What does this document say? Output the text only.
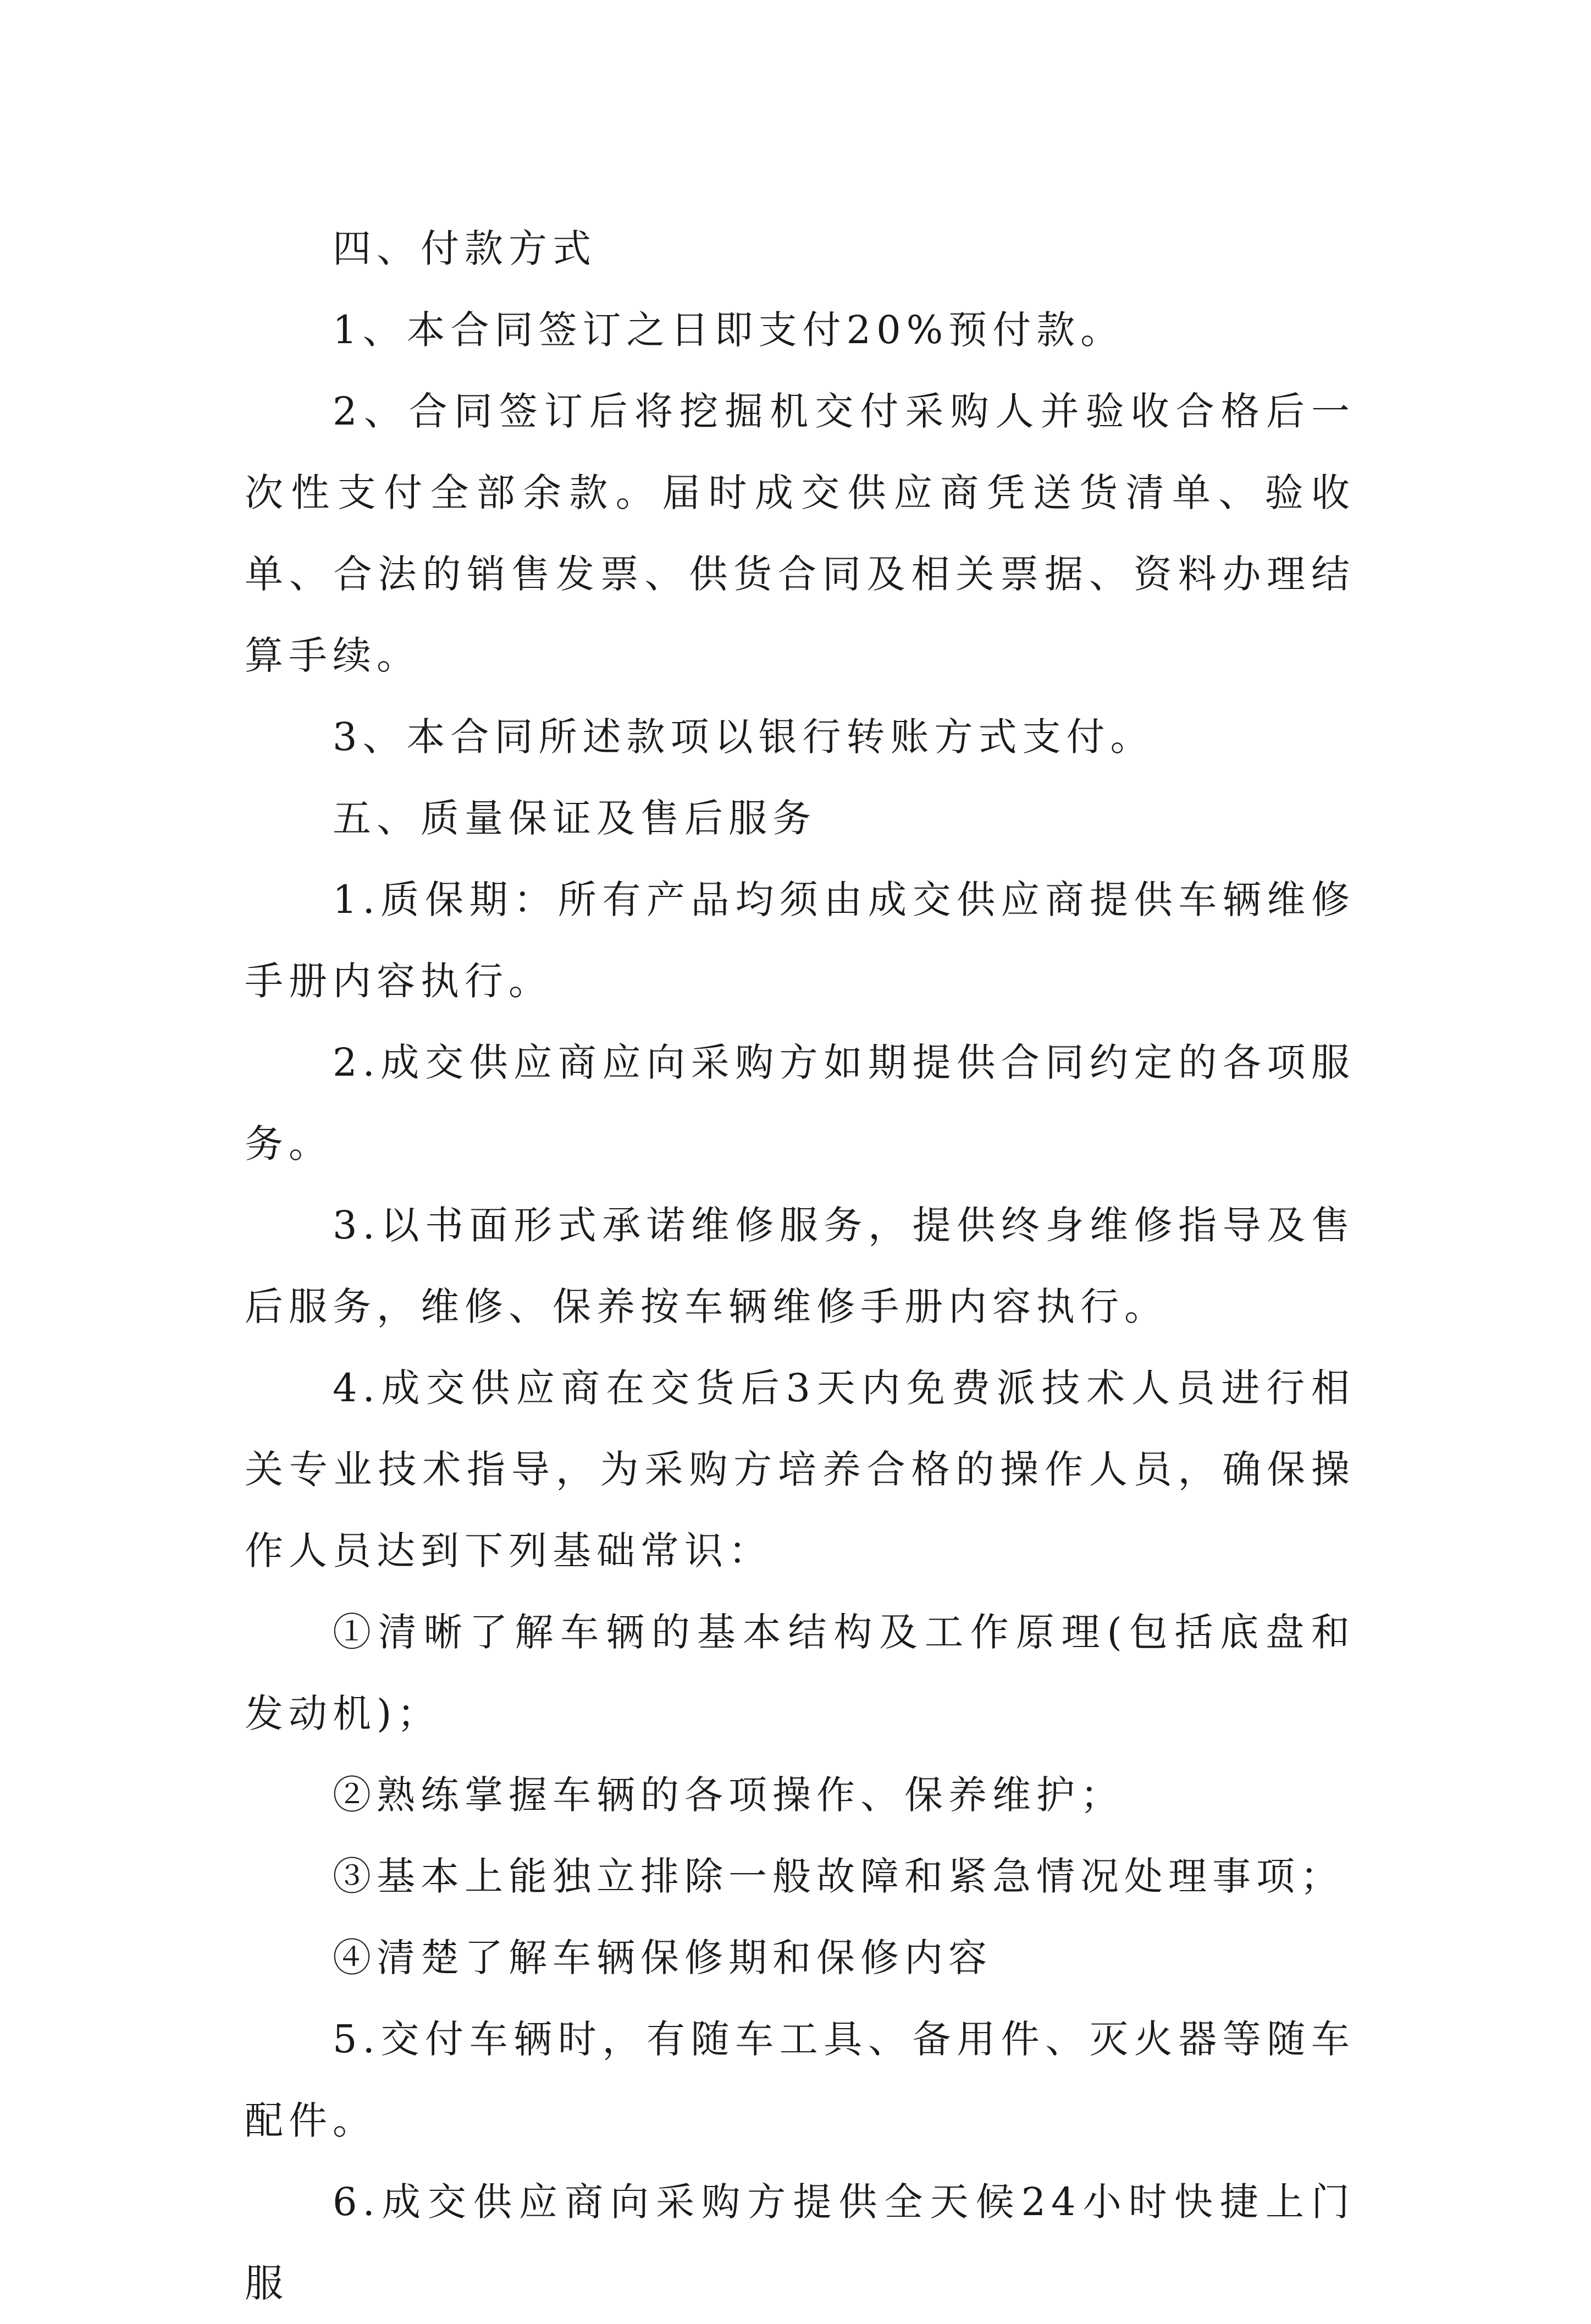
四、付款方式

1、本合同签订之日即支付20%预付款。

2、合同签订后将挖掘机交付采购人并验收合格后一次性支付全部余款。届时成交供应商凭送货清单、验收单、合法的销售发票、供货合同及相关票据、资料办理结算手续。

3、本合同所述款项以银行转账方式支付。

五、质量保证及售后服务

1.质保期：所有产品均须由成交供应商提供车辆维修手册内容执行。

2.成交供应商应向采购方如期提供合同约定的各项服务。

3.以书面形式承诺维修服务，提供终身维修指导及售后服务，维修、保养按车辆维修手册内容执行。

4.成交供应商在交货后3天内免费派技术人员进行相关专业技术指导，为采购方培养合格的操作人员，确保操作人员达到下列基础常识：

①清晰了解车辆的基本结构及工作原理(包括底盘和发动机)；

②熟练掌握车辆的各项操作、保养维护；

③基本上能独立排除一般故障和紧急情况处理事项；

④清楚了解车辆保修期和保修内容

5.交付车辆时，有随车工具、备用件、灭火器等随车配件。

6.成交供应商向采购方提供全天候24小时快捷上门服
